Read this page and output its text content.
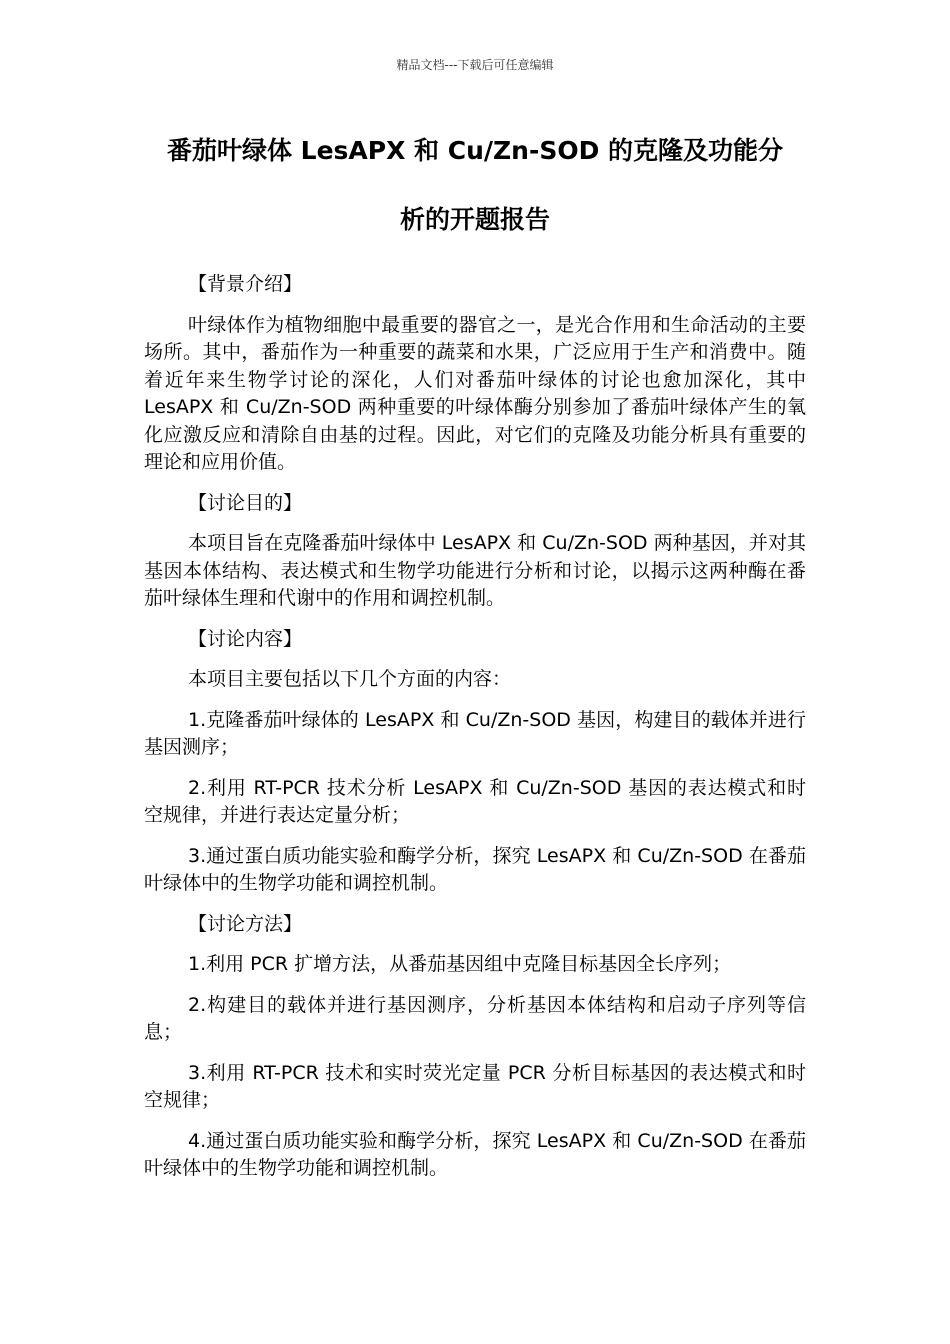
精品文档---下载后可任意编辑
番茄叶绿体 LesAPX 和 Cu/Zn-SOD 的克隆及功能分
析的开题报告

【背景介绍】

叶绿体作为植物细胞中最重要的器官之一，是光合作用和生命活动的主要场所。其中，番茄作为一种重要的蔬菜和水果，广泛应用于生产和消费中。随着近年来生物学讨论的深化，人们对番茄叶绿体的讨论也愈加深化，其中 LesAPX 和 Cu/Zn-SOD 两种重要的叶绿体酶分别参加了番茄叶绿体产生的氧化应激反应和清除自由基的过程。因此，对它们的克隆及功能分析具有重要的理论和应用价值。

【讨论目的】

本项目旨在克隆番茄叶绿体中 LesAPX 和 Cu/Zn-SOD 两种基因，并对其基因本体结构、表达模式和生物学功能进行分析和讨论，以揭示这两种酶在番茄叶绿体生理和代谢中的作用和调控机制。

【讨论内容】

本项目主要包括以下几个方面的内容：

1.克隆番茄叶绿体的 LesAPX 和 Cu/Zn-SOD 基因，构建目的载体并进行基因测序；

2.利用 RT-PCR 技术分析 LesAPX 和 Cu/Zn-SOD 基因的表达模式和时空规律，并进行表达定量分析；

3.通过蛋白质功能实验和酶学分析，探究 LesAPX 和 Cu/Zn-SOD 在番茄叶绿体中的生物学功能和调控机制。

【讨论方法】

1.利用 PCR 扩增方法，从番茄基因组中克隆目标基因全长序列；

2.构建目的载体并进行基因测序，分析基因本体结构和启动子序列等信息；

3.利用 RT-PCR 技术和实时荧光定量 PCR 分析目标基因的表达模式和时空规律；

4.通过蛋白质功能实验和酶学分析，探究 LesAPX 和 Cu/Zn-SOD 在番茄叶绿体中的生物学功能和调控机制。
